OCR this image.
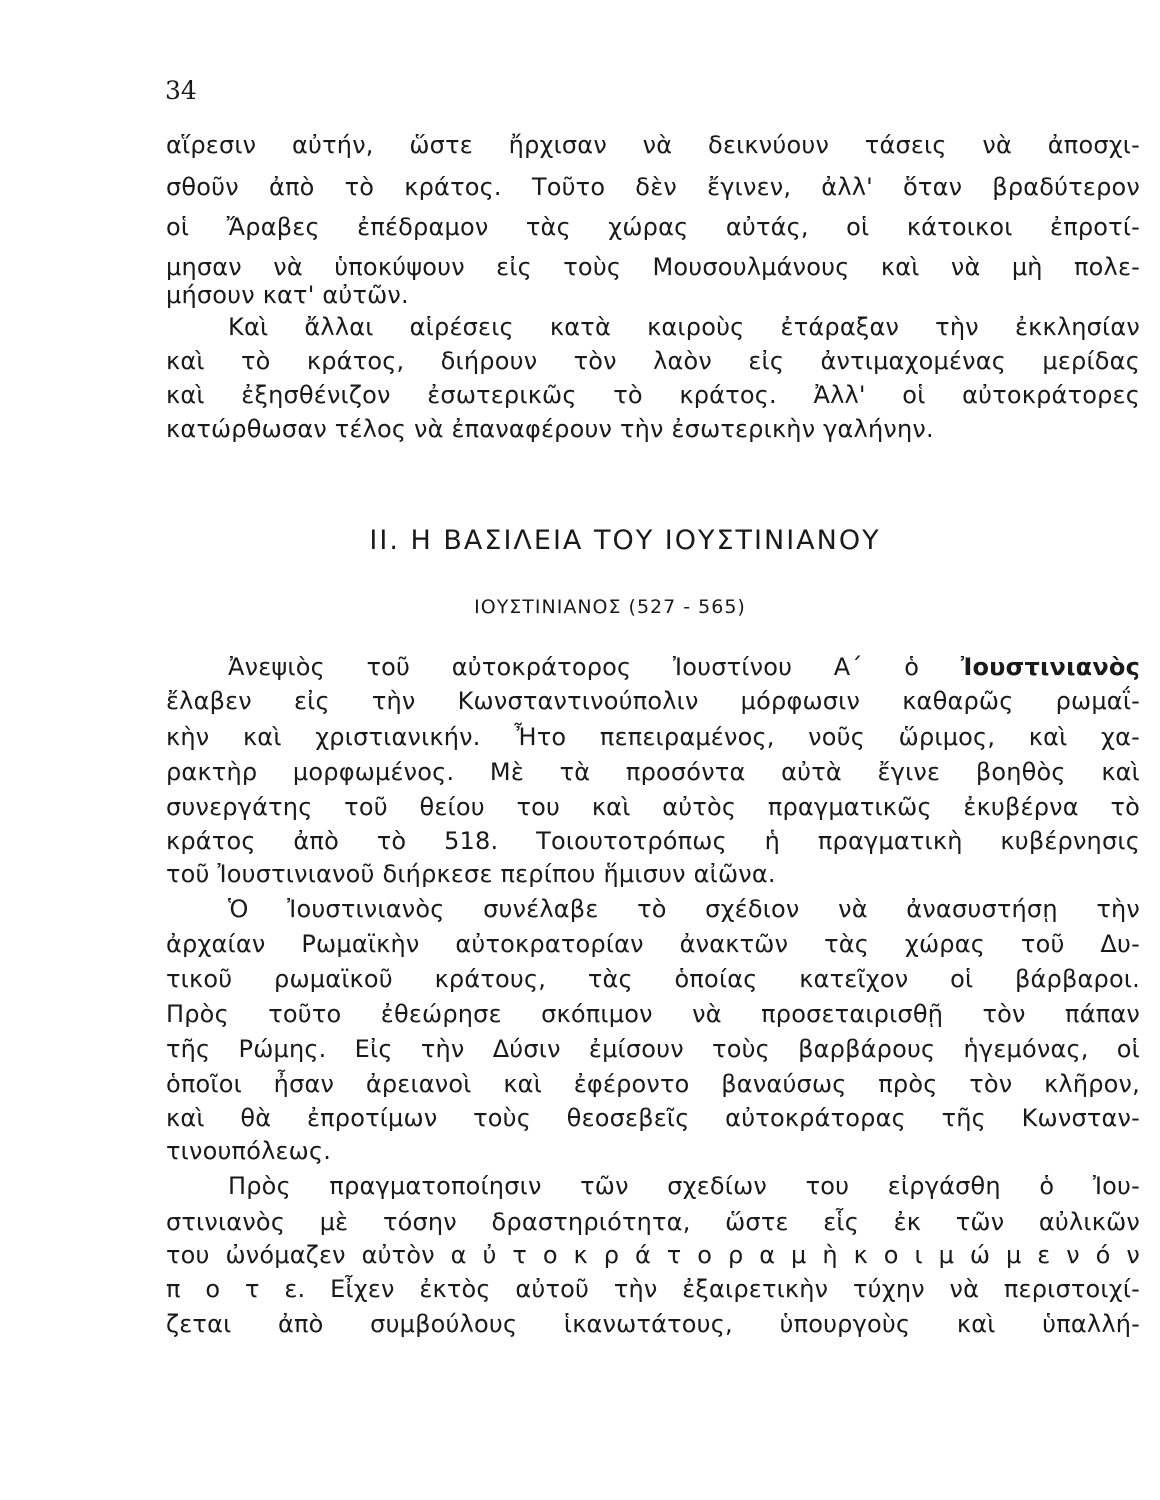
34
αἵρεσιν αὐτήν, ὥστε ἤρχισαν νὰ δεικνύουν τάσεις νὰ ἀποσχι-
σθοῦν ἀπὸ τὸ κράτος. Τοῦτο δὲν ἔγινεν, ἀλλ' ὅταν βραδύτερον
οἱ Ἄραβες ἐπέδραμον τὰς χώρας αὐτάς, οἱ κάτοικοι ἐπροτί-
μησαν νὰ ὑποκύψουν εἰς τοὺς Μουσουλμάνους καὶ νὰ μὴ πολε-
μήσουν κατ' αὐτῶν.
Καὶ ἄλλαι αἱρέσεις κατὰ καιροὺς ἐτάραξαν τὴν ἐκκλησίαν
καὶ τὸ κράτος, διήρουν τὸν λαὸν εἰς ἀντιμαχομένας μερίδας
καὶ ἐξησθένιζον ἐσωτερικῶς τὸ κράτος. Ἀλλ' οἱ αὐτοκράτορες
κατώρθωσαν τέλος νὰ ἐπαναφέρουν τὴν ἐσωτερικὴν γαλήνην.
ΙΙ. Η ΒΑΣΙΛΕΙΑ ΤΟΥ ΙΟΥΣΤΙΝΙΑΝΟΥ
ΙΟΥΣΤΙΝΙΑΝΟΣ (527 - 565)
Ἀνεψιὸς τοῦ αὐτοκράτορος Ἰουστίνου Α΄ ὁ Ἰουστινιανὸς
ἔλαβεν εἰς τὴν Κωνσταντινούπολιν μόρφωσιν καθαρῶς ρωμαΐ-
κὴν καὶ χριστιανικήν. Ἦτο πεπειραμένος, νοῦς ὥριμος, καὶ χα-
ρακτὴρ μορφωμένος. Μὲ τὰ προσόντα αὐτὰ ἔγινε βοηθὸς καὶ
συνεργάτης τοῦ θείου του καὶ αὐτὸς πραγματικῶς ἐκυβέρνα τὸ
κράτος ἀπὸ τὸ 518. Τοιουτοτρόπως ἡ πραγματικὴ κυβέρνησις
τοῦ Ἰουστινιανοῦ διήρκεσε περίπου ἥμισυν αἰῶνα.
Ὁ Ἰουστινιανὸς συνέλαβε τὸ σχέδιον νὰ ἀνασυστήσῃ τὴν
ἀρχαίαν Ρωμαϊκὴν αὐτοκρατορίαν ἀνακτῶν τὰς χώρας τοῦ Δυ-
τικοῦ ρωμαϊκοῦ κράτους, τὰς ὁποίας κατεῖχον οἱ βάρβαροι.
Πρὸς τοῦτο ἐθεώρησε σκόπιμον νὰ προσεταιρισθῇ τὸν πάπαν
τῆς Ρώμης. Εἰς τὴν Δύσιν ἐμίσουν τοὺς βαρβάρους ἡγεμόνας, οἱ
ὁποῖοι ἦσαν ἀρειανοὶ καὶ ἐφέροντο βαναύσως πρὸς τὸν κλῆρον,
καὶ θὰ ἐπροτίμων τοὺς θεοσεβεῖς αὐτοκράτορας τῆς Κωνσταν-
τινουπόλεως.
Πρὸς πραγματοποίησιν τῶν σχεδίων του εἰργάσθη ὁ Ἰου-
στινιανὸς μὲ τόσην δραστηριότητα, ὥστε εἷς ἐκ τῶν αὐλικῶν
του ὠνόμαζεν αὐτὸν α ὐ τ ο κ ρ ά τ ο ρ α μ ὴ κ ο ι μ ώ μ ε ν ό ν
π ο τ ε. Εἶχεν ἐκτὸς αὐτοῦ τὴν ἐξαιρετικὴν τύχην νὰ περιστοιχί-
ζεται ἀπὸ συμβούλους ἱκανωτάτους, ὑπουργοὺς καὶ ὑπαλλή-
